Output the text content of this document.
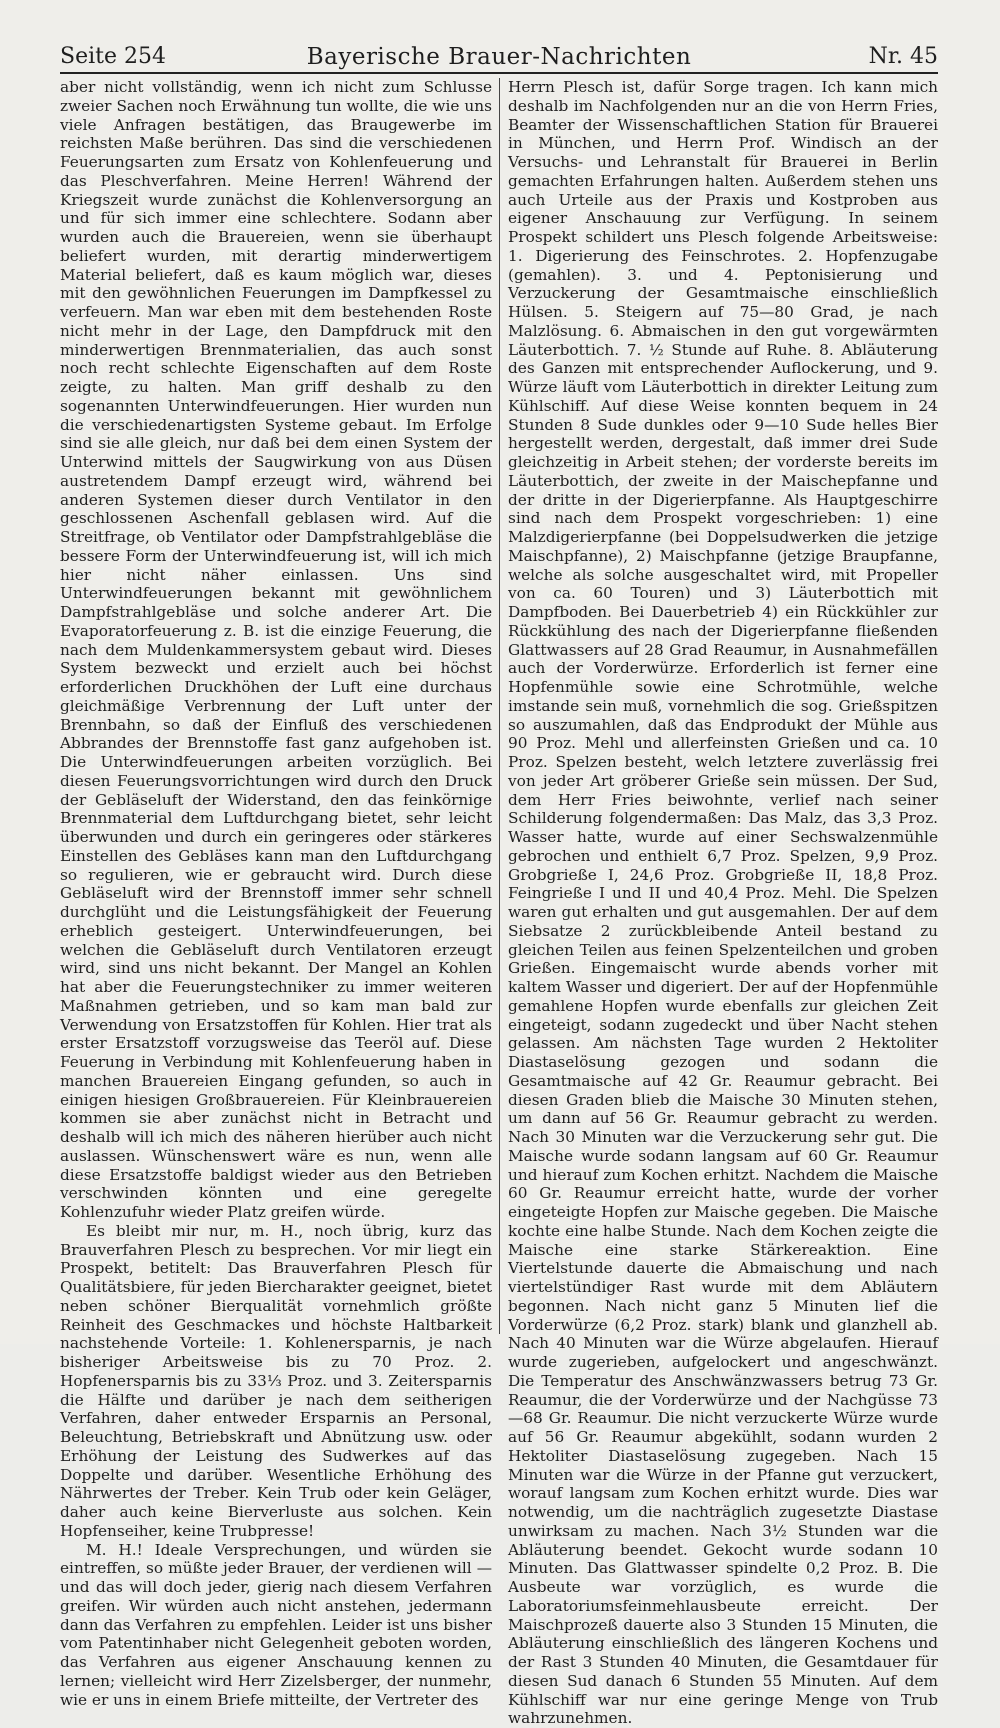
Seite 254	Bayerische Brauer-Nachrichten	Nr. 45

aber nicht vollständig, wenn ich nicht zum Schlusse zweier Sachen noch Erwähnung tun wollte, die wie uns viele Anfragen bestätigen, das Braugewerbe im reichsten Maße berühren. Das sind die verschiedenen Feuerungsarten zum Ersatz von Kohlenfeuerung und das Pleschverfahren. Meine Herren! Während der Kriegszeit wurde zunächst die Kohlenversorgung an und für sich immer eine schlechtere. Sodann aber wurden auch die Brauereien, wenn sie überhaupt beliefert wurden, mit derartig minderwertigem Material beliefert, daß es kaum möglich war, dieses mit den gewöhnlichen Feuerungen im Dampfkessel zu verfeuern. Man war eben mit dem bestehenden Roste nicht mehr in der Lage, den Dampfdruck mit den minderwertigen Brennmaterialien, das auch sonst noch recht schlechte Eigenschaften auf dem Roste zeigte, zu halten. Man griff deshalb zu den sogenannten Unterwindfeuerungen. Hier wurden nun die verschiedenartigsten Systeme gebaut. Im Erfolge sind sie alle gleich, nur daß bei dem einen System der Unterwind mittels der Saugwirkung von aus Düsen austretendem Dampf erzeugt wird, während bei anderen Systemen dieser durch Ventilator in den geschlossenen Aschenfall geblasen wird. Auf die Streitfrage, ob Ventilator oder Dampfstrahlgebläse die bessere Form der Unterwindfeuerung ist, will ich mich hier nicht näher einlassen. Uns sind Unterwindfeuerungen bekannt mit gewöhnlichem Dampfstrahlgebläse und solche anderer Art. Die Evaporatorfeuerung z. B. ist die einzige Feuerung, die nach dem Muldenkammersystem gebaut wird. Dieses System bezweckt und erzielt auch bei höchst erforderlichen Druckhöhen der Luft eine durchaus gleichmäßige Verbrennung der Luft unter der Brennbahn, so daß der Einfluß des verschiedenen Abbrandes der Brennstoffe fast ganz aufgehoben ist. Die Unterwindfeuerungen arbeiten vorzüglich. Bei diesen Feuerungsvorrichtungen wird durch den Druck der Gebläseluft der Widerstand, den das feinkörnige Brennmaterial dem Luftdurchgang bietet, sehr leicht überwunden und durch ein geringeres oder stärkeres Einstellen des Gebläses kann man den Luftdurchgang so regulieren, wie er gebraucht wird. Durch diese Gebläseluft wird der Brennstoff immer sehr schnell durchglüht und die Leistungsfähigkeit der Feuerung erheblich gesteigert. Unterwindfeuerungen, bei welchen die Gebläseluft durch Ventilatoren erzeugt wird, sind uns nicht bekannt. Der Mangel an Kohlen hat aber die Feuerungstechniker zu immer weiteren Maßnahmen getrieben, und so kam man bald zur Verwendung von Ersatzstoffen für Kohlen. Hier trat als erster Ersatzstoff vorzugsweise das Teeröl auf. Diese Feuerung in Verbindung mit Kohlenfeuerung haben in manchen Brauereien Eingang gefunden, so auch in einigen hiesigen Großbrauereien. Für Kleinbrauereien kommen sie aber zunächst nicht in Betracht und deshalb will ich mich des näheren hierüber auch nicht auslassen. Wünschenswert wäre es nun, wenn alle diese Ersatzstoffe baldigst wieder aus den Betrieben verschwinden könnten und eine geregelte Kohlenzufuhr wieder Platz greifen würde.

Es bleibt mir nur, m. H., noch übrig, kurz das Brauverfahren Plesch zu besprechen. Vor mir liegt ein Prospekt, betitelt: Das Brauverfahren Plesch für Qualitätsbiere, für jeden Biercharakter geeignet, bietet neben schöner Bierqualität vornehmlich größte Reinheit des Geschmackes und höchste Haltbarkeit nachstehende Vorteile: 1. Kohlenersparnis, je nach bisheriger Arbeitsweise bis zu 70 Proz. 2. Hopfenersparnis bis zu 33⅓ Proz. und 3. Zeitersparnis die Hälfte und darüber je nach dem seitherigen Verfahren, daher entweder Ersparnis an Personal, Beleuchtung, Betriebskraft und Abnützung usw. oder Erhöhung der Leistung des Sudwerkes auf das Doppelte und darüber. Wesentliche Erhöhung des Nährwertes der Treber. Kein Trub oder kein Geläger, daher auch keine Bierverluste aus solchen. Kein Hopfenseiher, keine Trubpresse!

M. H.! Ideale Versprechungen, und würden sie eintreffen, so müßte jeder Brauer, der verdienen will — und das will doch jeder, gierig nach diesem Verfahren greifen. Wir würden auch nicht anstehen, jedermann dann das Verfahren zu empfehlen. Leider ist uns bisher vom Patentinhaber nicht Gelegenheit geboten worden, das Verfahren aus eigener Anschauung kennen zu lernen; vielleicht wird Herr Zizelsberger, der nunmehr, wie er uns in einem Briefe mitteilte, der Vertreter des

Herrn Plesch ist, dafür Sorge tragen. Ich kann mich deshalb im Nachfolgenden nur an die von Herrn Fries, Beamter der Wissenschaftlichen Station für Brauerei in München, und Herrn Prof. Windisch an der Versuchs- und Lehranstalt für Brauerei in Berlin gemachten Erfahrungen halten. Außerdem stehen uns auch Urteile aus der Praxis und Kostproben aus eigener Anschauung zur Verfügung. In seinem Prospekt schildert uns Plesch folgende Arbeitsweise: 1. Digerierung des Feinschrotes. 2. Hopfenzugabe (gemahlen). 3. und 4. Peptonisierung und Verzuckerung der Gesamtmaische einschließlich Hülsen. 5. Steigern auf 75—80 Grad, je nach Malzlösung. 6. Abmaischen in den gut vorgewärmten Läuterbottich. 7. ½ Stunde auf Ruhe. 8. Abläuterung des Ganzen mit entsprechender Auflockerung, und 9. Würze läuft vom Läuterbottich in direkter Leitung zum Kühlschiff. Auf diese Weise konnten bequem in 24 Stunden 8 Sude dunkles oder 9—10 Sude helles Bier hergestellt werden, dergestalt, daß immer drei Sude gleichzeitig in Arbeit stehen; der vorderste bereits im Läuterbottich, der zweite in der Maischepfanne und der dritte in der Digerierpfanne. Als Hauptgeschirre sind nach dem Prospekt vorgeschrieben: 1) eine Malzdigerierpfanne (bei Doppelsudwerken die jetzige Maischpfanne), 2) Maischpfanne (jetzige Braupfanne, welche als solche ausgeschaltet wird, mit Propeller von ca. 60 Touren) und 3) Läuterbottich mit Dampfboden. Bei Dauerbetrieb 4) ein Rückkühler zur Rückkühlung des nach der Digerierpfanne fließenden Glattwassers auf 28 Grad Reaumur, in Ausnahmefällen auch der Vorderwürze. Erforderlich ist ferner eine Hopfenmühle sowie eine Schrotmühle, welche imstande sein muß, vornehmlich die sog. Grießspitzen so auszumahlen, daß das Endprodukt der Mühle aus 90 Proz. Mehl und allerfeinsten Grießen und ca. 10 Proz. Spelzen besteht, welch letztere zuverlässig frei von jeder Art gröberer Grieße sein müssen. Der Sud, dem Herr Fries beiwohnte, verlief nach seiner Schilderung folgendermaßen: Das Malz, das 3,3 Proz. Wasser hatte, wurde auf einer Sechswalzenmühle gebrochen und enthielt 6,7 Proz. Spelzen, 9,9 Proz. Grobgrieße I, 24,6 Proz. Grobgrieße II, 18,8 Proz. Feingrieße I und II und 40,4 Proz. Mehl. Die Spelzen waren gut erhalten und gut ausgemahlen. Der auf dem Siebsatze 2 zurückbleibende Anteil bestand zu gleichen Teilen aus feinen Spelzenteilchen und groben Grießen. Eingemaischt wurde abends vorher mit kaltem Wasser und digeriert. Der auf der Hopfenmühle gemahlene Hopfen wurde ebenfalls zur gleichen Zeit eingeteigt, sodann zugedeckt und über Nacht stehen gelassen. Am nächsten Tage wurden 2 Hektoliter Diastaselösung gezogen und sodann die Gesamtmaische auf 42 Gr. Reaumur gebracht. Bei diesen Graden blieb die Maische 30 Minuten stehen, um dann auf 56 Gr. Reaumur gebracht zu werden. Nach 30 Minuten war die Verzuckerung sehr gut. Die Maische wurde sodann langsam auf 60 Gr. Reaumur und hierauf zum Kochen erhitzt. Nachdem die Maische 60 Gr. Reaumur erreicht hatte, wurde der vorher eingeteigte Hopfen zur Maische gegeben. Die Maische kochte eine halbe Stunde. Nach dem Kochen zeigte die Maische eine starke Stärkereaktion. Eine Viertelstunde dauerte die Abmaischung und nach viertelstündiger Rast wurde mit dem Abläutern begonnen. Nach nicht ganz 5 Minuten lief die Vorderwürze (6,2 Proz. stark) blank und glanzhell ab. Nach 40 Minuten war die Würze abgelaufen. Hierauf wurde zugerieben, aufgelockert und angeschwänzt. Die Temperatur des Anschwänzwassers betrug 73 Gr. Reaumur, die der Vorderwürze und der Nachgüsse 73—68 Gr. Reaumur. Die nicht verzuckerte Würze wurde auf 56 Gr. Reaumur abgekühlt, sodann wurden 2 Hektoliter Diastaselösung zugegeben. Nach 15 Minuten war die Würze in der Pfanne gut verzuckert, worauf langsam zum Kochen erhitzt wurde. Dies war notwendig, um die nachträglich zugesetzte Diastase unwirksam zu machen. Nach 3½ Stunden war die Abläuterung beendet. Gekocht wurde sodann 10 Minuten. Das Glattwasser spindelte 0,2 Proz. B. Die Ausbeute war vorzüglich, es wurde die Laboratoriumsfeinmehlausbeute erreicht. Der Maischprozeß dauerte also 3 Stunden 15 Minuten, die Abläuterung einschließlich des längeren Kochens und der Rast 3 Stunden 40 Minuten, die Gesamtdauer für diesen Sud danach 6 Stunden 55 Minuten. Auf dem Kühlschiff war nur eine geringe Menge von Trub wahrzunehmen.
